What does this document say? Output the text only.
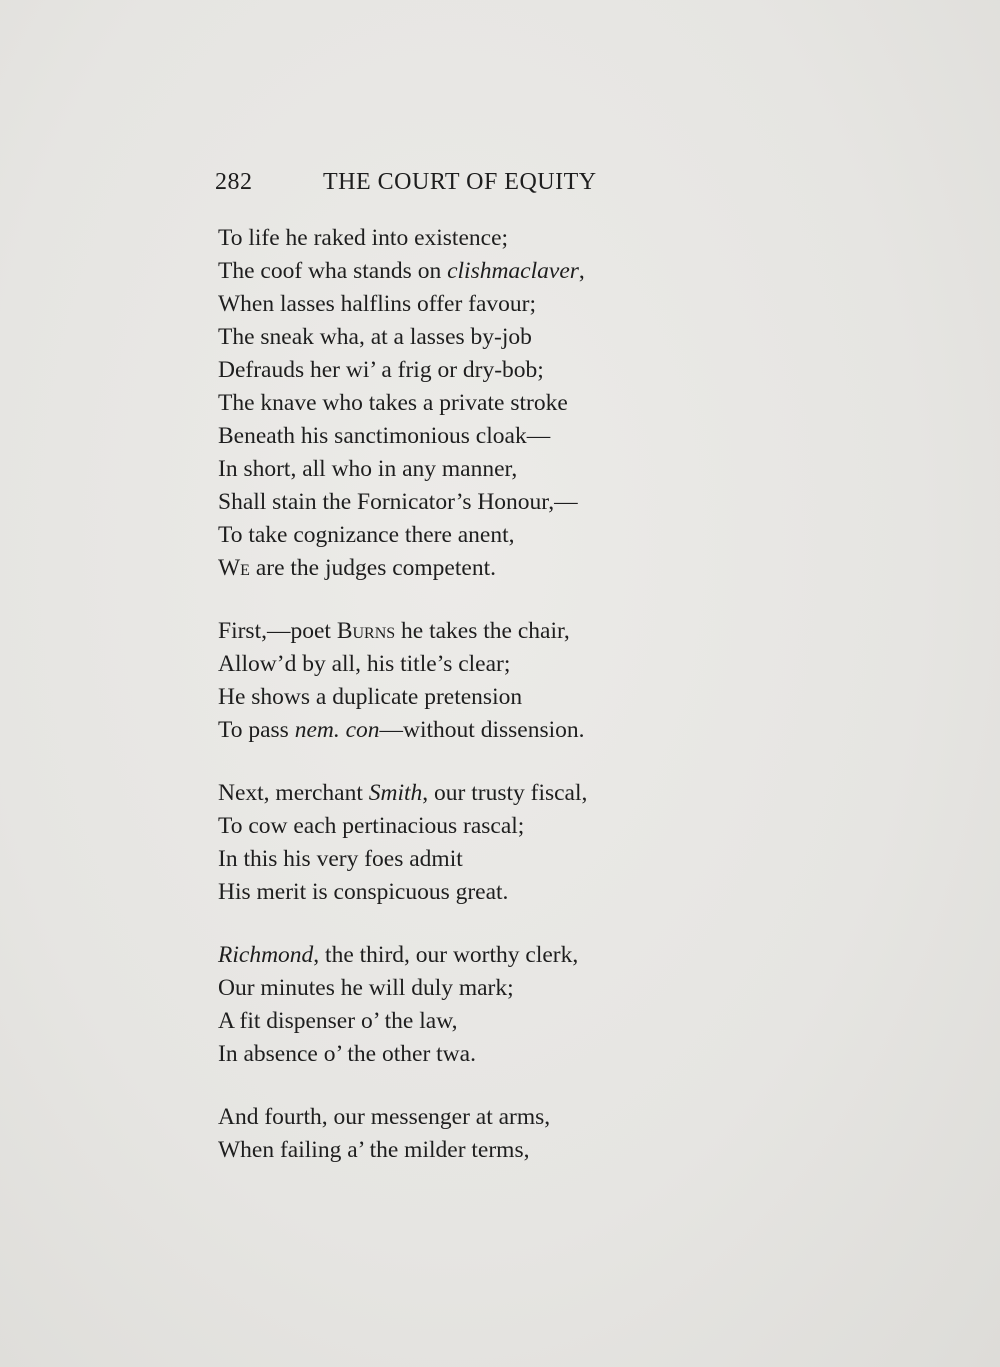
282	THE COURT OF EQUITY
To life he raked into existence;
The coof wha stands on clishmaclaver,
When lasses halflins offer favour;
The sneak wha, at a lasses by-job
Defrauds her wi’ a frig or dry-bob;
The knave who takes a private stroke
Beneath his sanctimonious cloak—
In short, all who in any manner,
Shall stain the Fornicator’s Honour,—
To take cognizance there anent,
We are the judges competent.
First,—poet Burns he takes the chair,
Allow’d by all, his title’s clear;
He shows a duplicate pretension
To pass nem. con—without dissension.
Next, merchant Smith, our trusty fiscal,
To cow each pertinacious rascal;
In this his very foes admit
His merit is conspicuous great.
Richmond, the third, our worthy clerk,
Our minutes he will duly mark;
A fit dispenser o’ the law,
In absence o’ the other twa.
And fourth, our messenger at arms,
When failing a’ the milder terms,
